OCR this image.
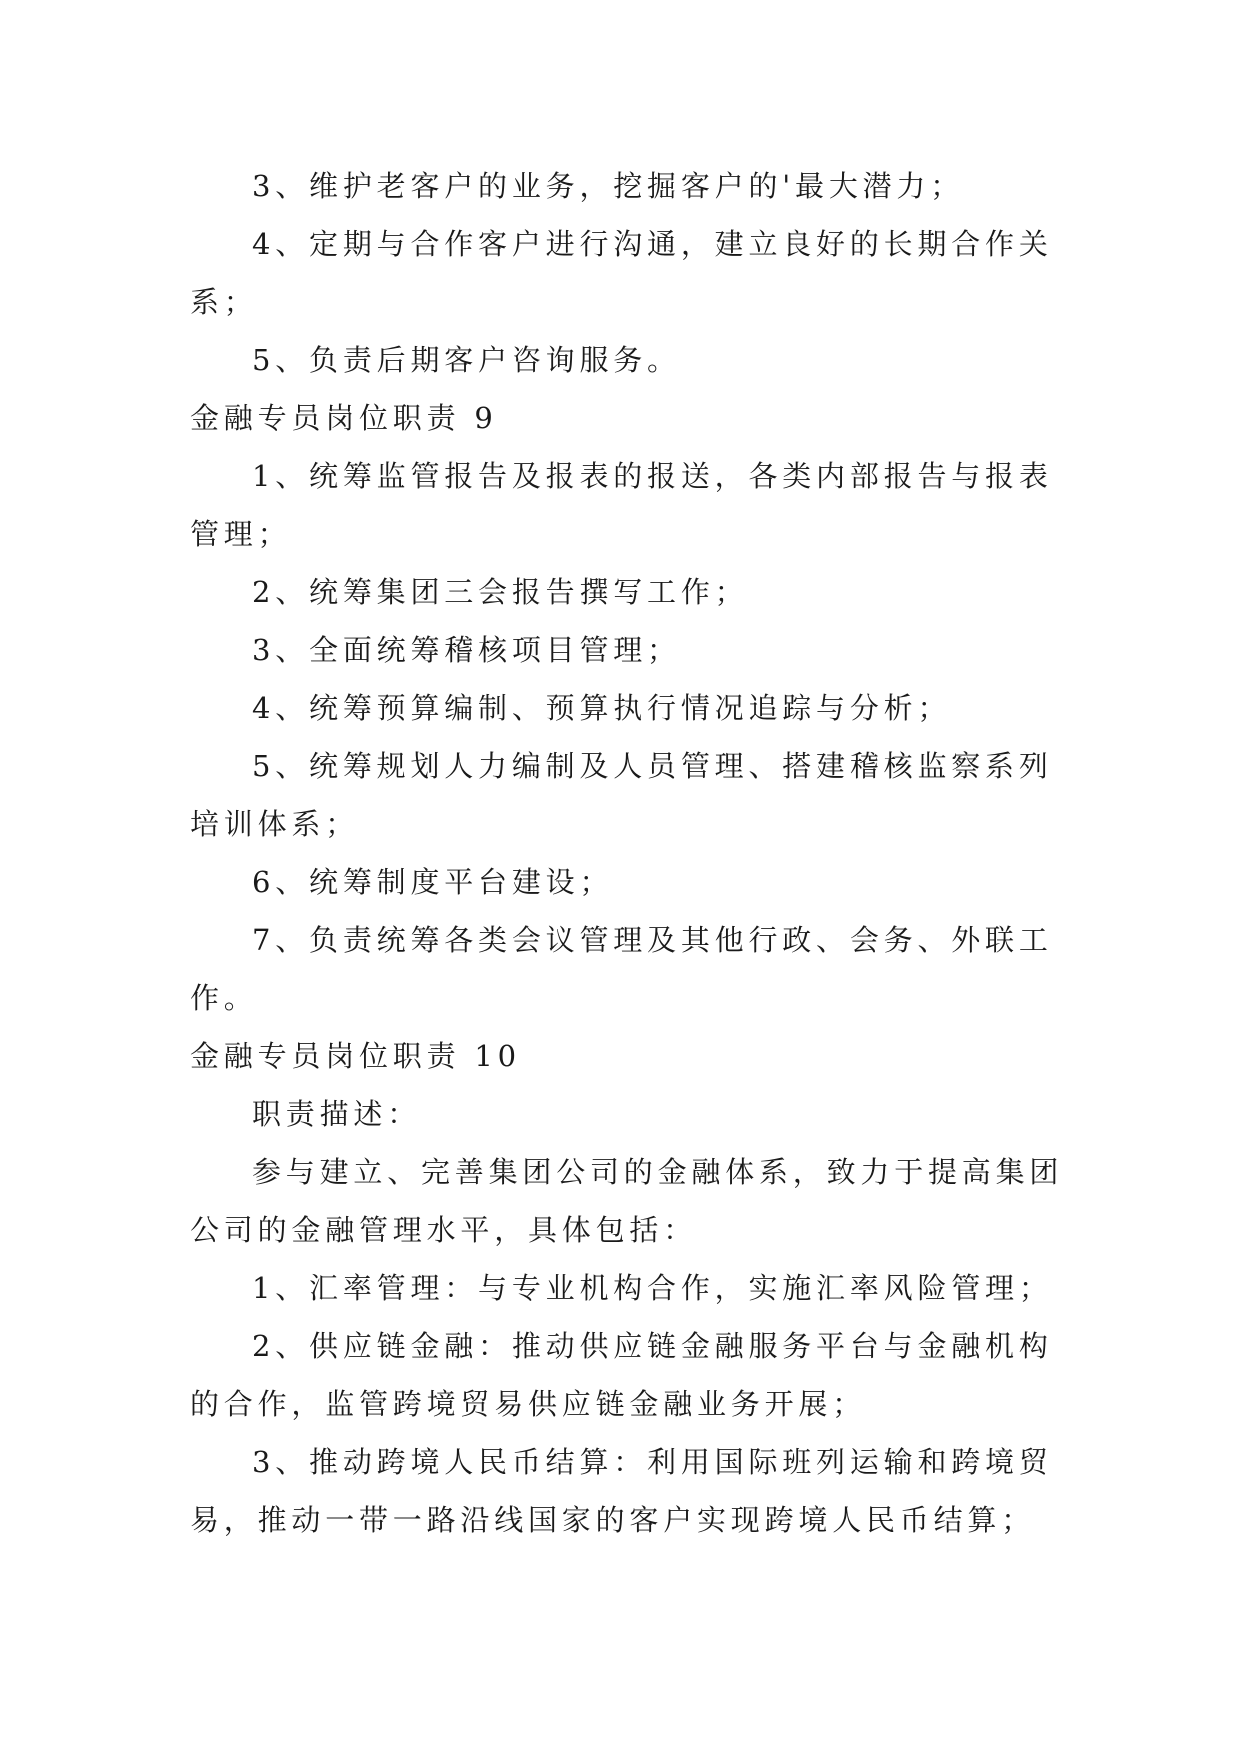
3、维护老客户的业务，挖掘客户的'最大潜力；
4、定期与合作客户进行沟通，建立良好的长期合作关
系；
5、负责后期客户咨询服务。
金融专员岗位职责 9
1、统筹监管报告及报表的报送，各类内部报告与报表
管理；
2、统筹集团三会报告撰写工作；
3、全面统筹稽核项目管理；
4、统筹预算编制、预算执行情况追踪与分析；
5、统筹规划人力编制及人员管理、搭建稽核监察系列
培训体系；
6、统筹制度平台建设；
7、负责统筹各类会议管理及其他行政、会务、外联工
作。
金融专员岗位职责 10
职责描述：
参与建立、完善集团公司的金融体系，致力于提高集团
公司的金融管理水平，具体包括：
1、汇率管理：与专业机构合作，实施汇率风险管理；
2、供应链金融：推动供应链金融服务平台与金融机构
的合作，监管跨境贸易供应链金融业务开展；
3、推动跨境人民币结算：利用国际班列运输和跨境贸
易，推动一带一路沿线国家的客户实现跨境人民币结算；
